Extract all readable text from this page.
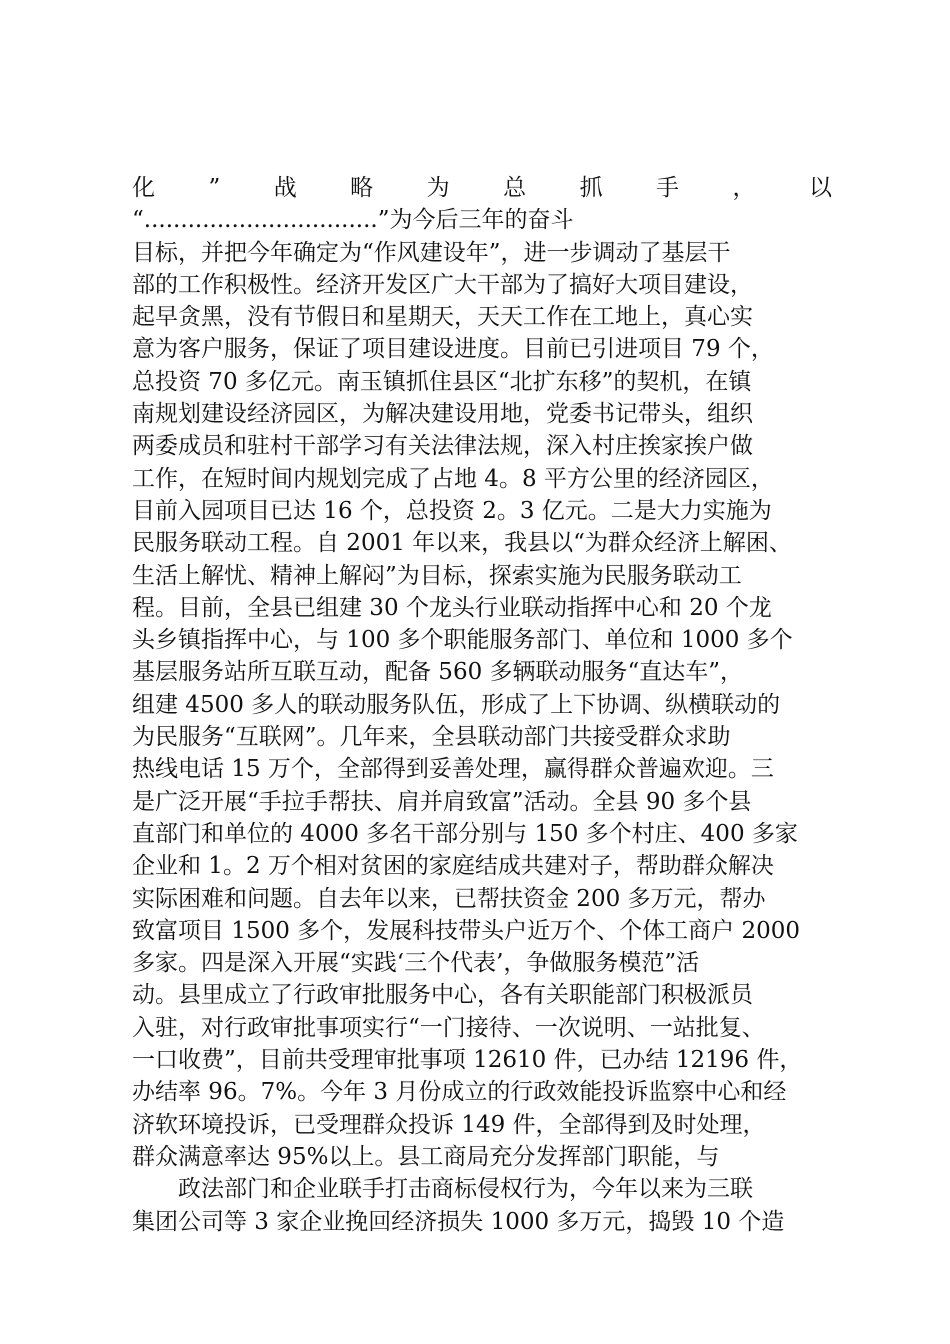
化 ” 战 略 为 总 抓 手 ， 以
“................................”为今后三年的奋斗
目标，并把今年确定为“作风建设年”，进一步调动了基层干
部的工作积极性。经济开发区广大干部为了搞好大项目建设，
起早贪黑，没有节假日和星期天，天天工作在工地上，真心实
意为客户服务，保证了项目建设进度。目前已引进项目 79 个，
总投资 70 多亿元。南玉镇抓住县区“北扩东移”的契机，在镇
南规划建设经济园区，为解决建设用地，党委书记带头，组织
两委成员和驻村干部学习有关法律法规，深入村庄挨家挨户做
工作，在短时间内规划完成了占地 4。8 平方公里的经济园区，
目前入园项目已达 16 个，总投资 2。3 亿元。二是大力实施为
民服务联动工程。自 2001 年以来，我县以“为群众经济上解困、
生活上解忧、精神上解闷”为目标，探索实施为民服务联动工
程。目前，全县已组建 30 个龙头行业联动指挥中心和 20 个龙
头乡镇指挥中心，与 100 多个职能服务部门、单位和 1000 多个
基层服务站所互联互动，配备 560 多辆联动服务“直达车”，
组建 4500 多人的联动服务队伍，形成了上下协调、纵横联动的
为民服务“互联网”。几年来，全县联动部门共接受群众求助
热线电话 15 万个，全部得到妥善处理，赢得群众普遍欢迎。三
是广泛开展“手拉手帮扶、肩并肩致富”活动。全县 90 多个县
直部门和单位的 4000 多名干部分别与 150 多个村庄、400 多家
企业和 1。2 万个相对贫困的家庭结成共建对子，帮助群众解决
实际困难和问题。自去年以来，已帮扶资金 200 多万元，帮办
致富项目 1500 多个，发展科技带头户近万个、个体工商户 2000
多家。四是深入开展“实践‘三个代表’，争做服务模范”活
动。县里成立了行政审批服务中心，各有关职能部门积极派员
入驻，对行政审批事项实行“一门接待、一次说明、一站批复、
一口收费”，目前共受理审批事项 12610 件，已办结 12196 件，
办结率 96。7%。今年 3 月份成立的行政效能投诉监察中心和经
济软环境投诉，已受理群众投诉 149 件，全部得到及时处理，
群众满意率达 95%以上。县工商局充分发挥部门职能，与
政法部门和企业联手打击商标侵权行为，今年以来为三联
集团公司等 3 家企业挽回经济损失 1000 多万元，捣毁 10 个造
